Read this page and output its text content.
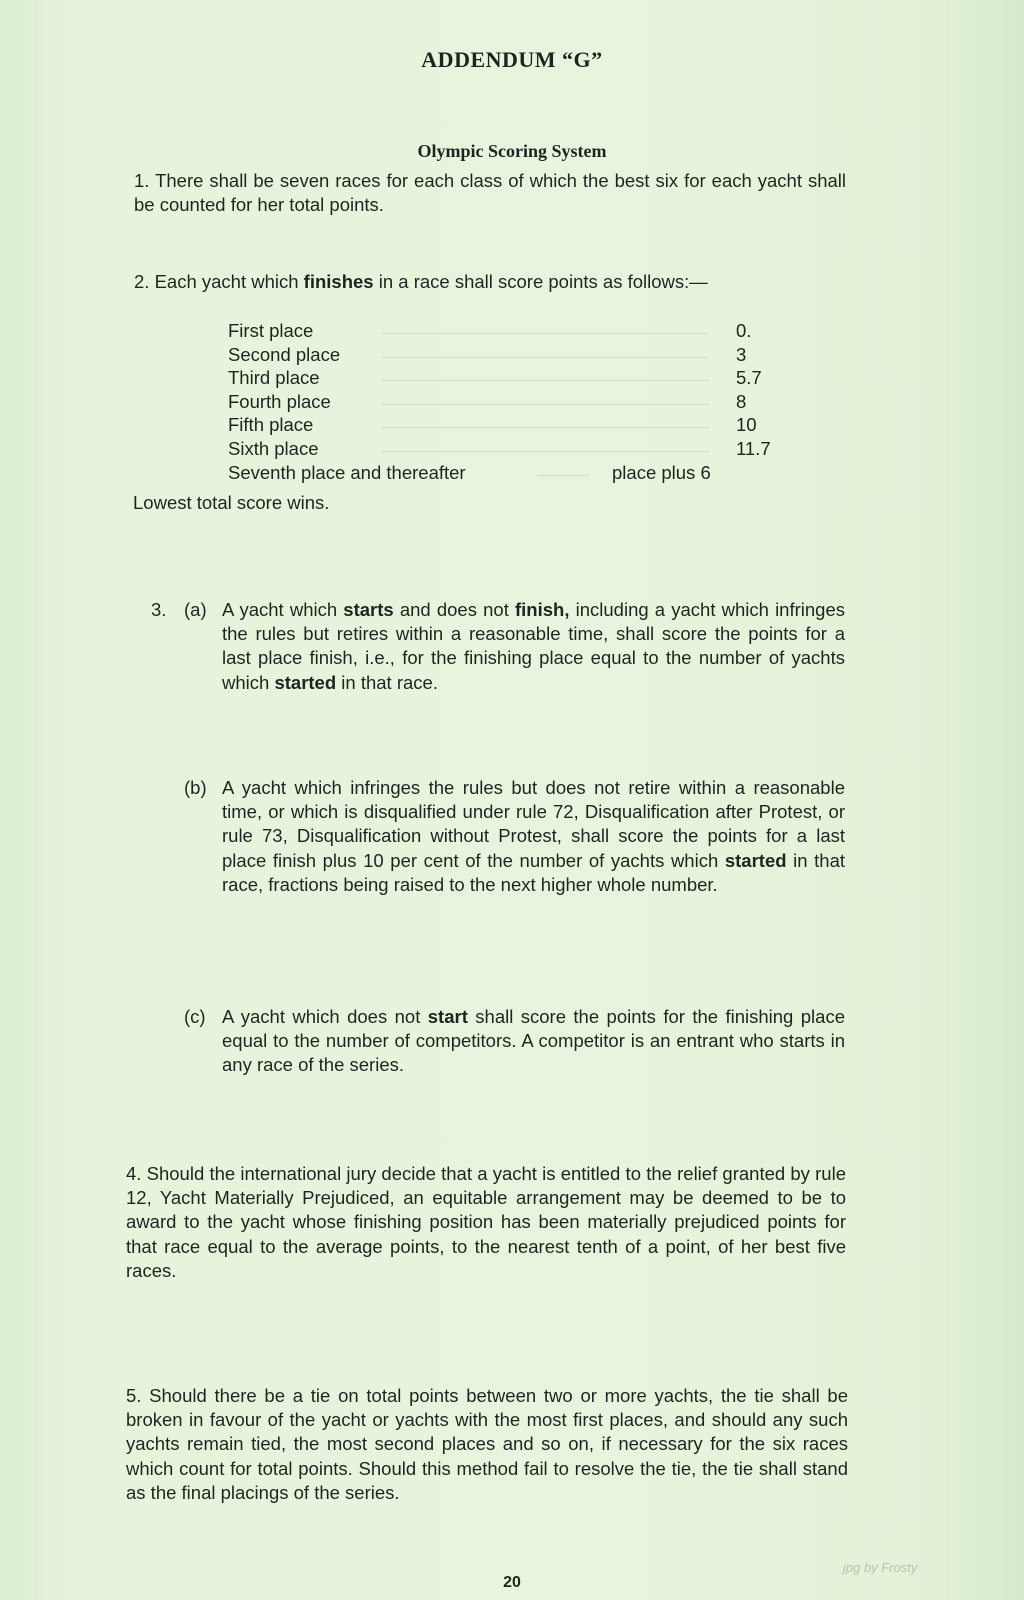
ADDENDUM “G”
Olympic Scoring System
1. There shall be seven races for each class of which the best six for each yacht shall be counted for her total points.
2. Each yacht which finishes in a race shall score points as follows:—
First place	0.
Second place	3
Third place	5.7
Fourth place	8
Fifth place	10
Sixth place	11.7
Seventh place and thereafter	place plus 6
Lowest total score wins.
3. (a) A yacht which starts and does not finish, including a yacht which infringes the rules but retires within a reasonable time, shall score the points for a last place finish, i.e., for the finishing place equal to the number of yachts which started in that race.
(b) A yacht which infringes the rules but does not retire within a reasonable time, or which is disqualified under rule 72, Disqualification after Protest, or rule 73, Disqualification without Protest, shall score the points for a last place finish plus 10 per cent of the number of yachts which started in that race, fractions being raised to the next higher whole number.
(c) A yacht which does not start shall score the points for the finishing place equal to the number of competitors. A competitor is an entrant who starts in any race of the series.
4. Should the international jury decide that a yacht is entitled to the relief granted by rule 12, Yacht Materially Prejudiced, an equitable arrangement may be deemed to be to award to the yacht whose finishing position has been materially prejudiced points for that race equal to the average points, to the nearest tenth of a point, of her best five races.
5. Should there be a tie on total points between two or more yachts, the tie shall be broken in favour of the yacht or yachts with the most first places, and should any such yachts remain tied, the most second places and so on, if necessary for the six races which count for total points. Should this method fail to resolve the tie, the tie shall stand as the final placings of the series.
20
jpg by Frosty
